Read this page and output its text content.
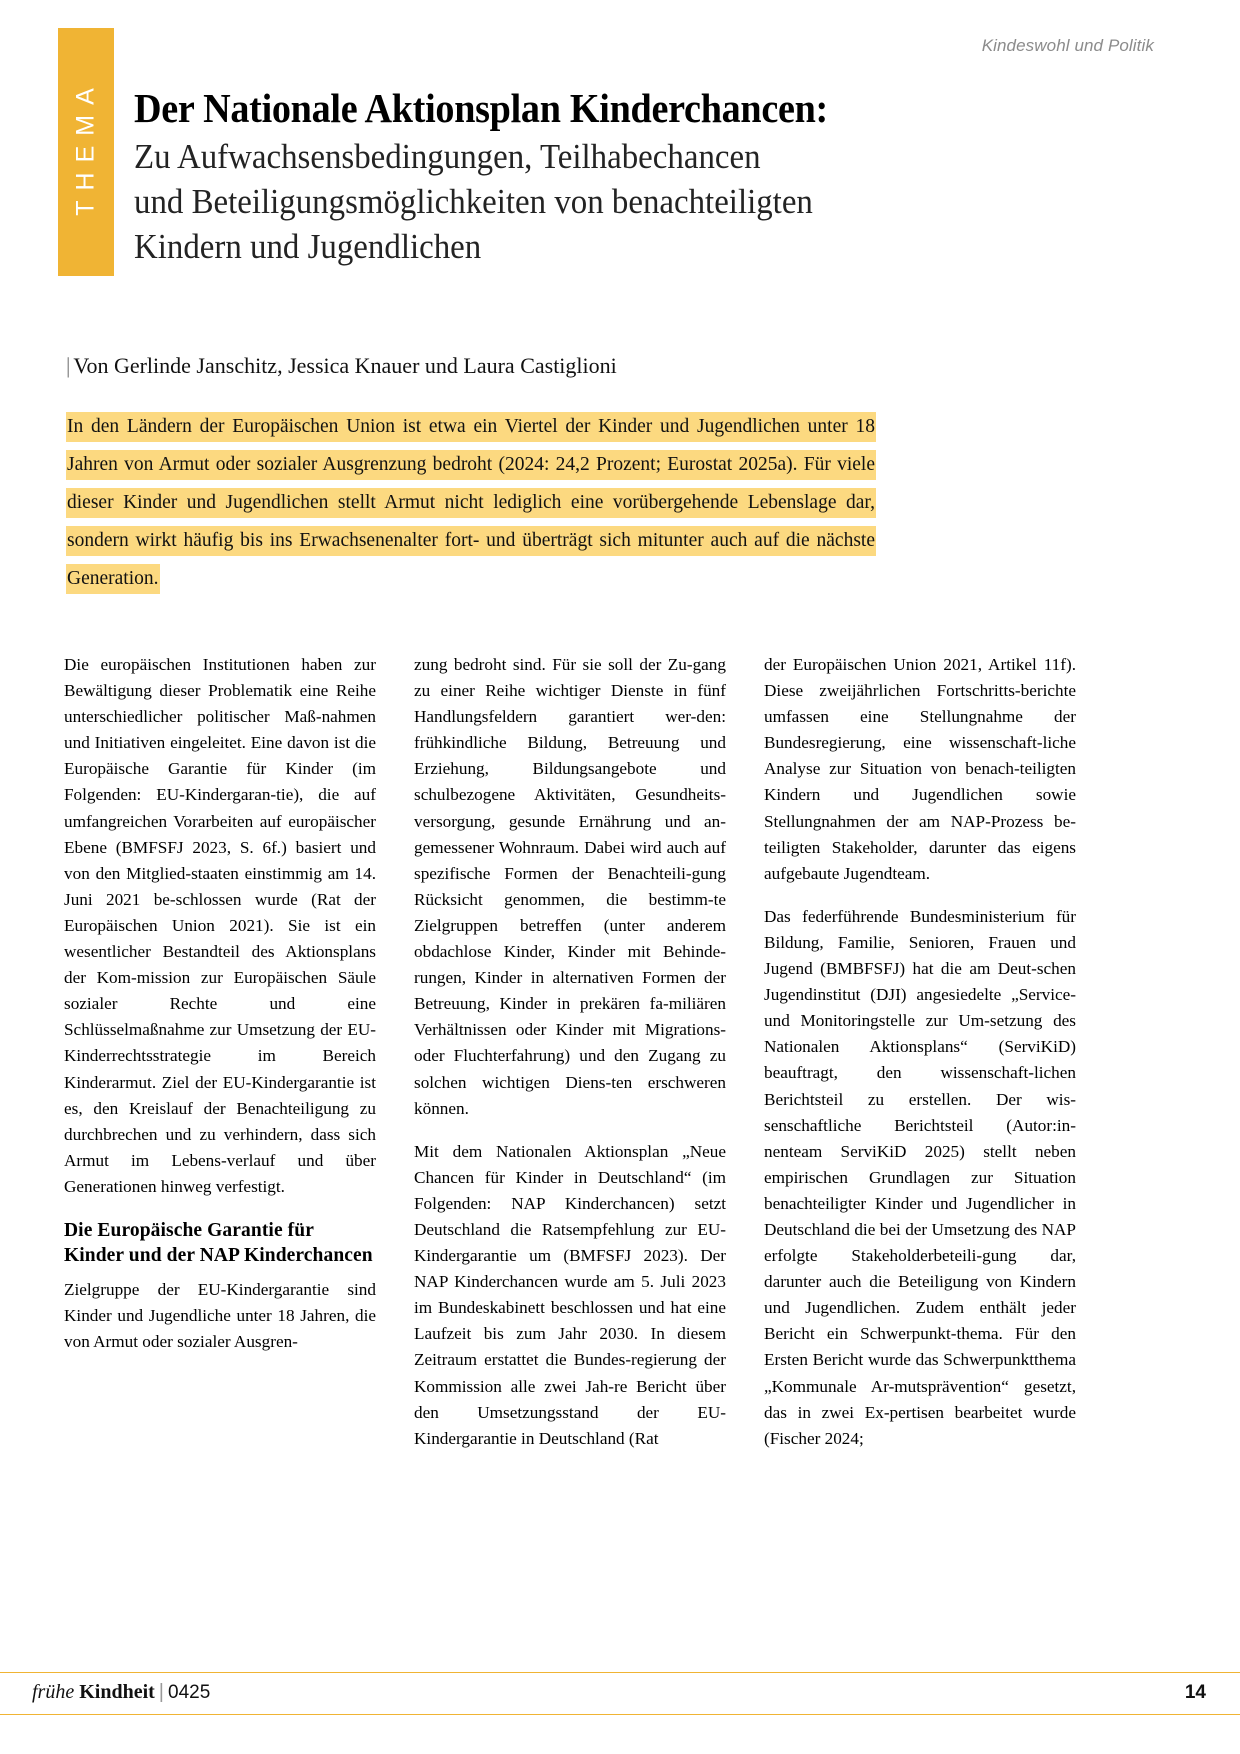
Kindeswohl und Politik
THEMA Der Nationale Aktionsplan Kinderchancen:
Zu Aufwachsensbedingungen, Teilhabechancen
und Beteiligungsmöglichkeiten von benachteiligten
Kindern und Jugendlichen
| Von Gerlinde Janschitz, Jessica Knauer und Laura Castiglioni
In den Ländern der Europäischen Union ist etwa ein Viertel der Kinder und Jugendlichen unter 18 Jahren von Armut oder sozialer Ausgrenzung bedroht (2024: 24,2 Prozent; Eurostat 2025a). Für viele dieser Kinder und Jugendlichen stellt Armut nicht lediglich eine vorübergehende Lebenslage dar, sondern wirkt häufig bis ins Erwachsenenalter fort- und überträgt sich mitunter auch auf die nächste Generation.

Die europäischen Institutionen haben zur Bewältigung dieser Problematik eine Reihe unterschiedlicher politischer Maß-nahmen und Initiativen eingeleitet. Eine davon ist die Europäische Garantie für Kinder (im Folgenden: EU-Kindergaran-tie), die auf umfangreichen Vorarbeiten auf europäischer Ebene (BMFSFJ 2023, S. 6f.) basiert und von den Mitglied-staaten einstimmig am 14. Juni 2021 be-schlossen wurde (Rat der Europäischen Union 2021). Sie ist ein wesentlicher Bestandteil des Aktionsplans der Kom-mission zur Europäischen Säule sozialer Rechte und eine Schlüsselmaßnahme zur Umsetzung der EU-Kinderrechtsstrategie im Bereich Kinderarmut. Ziel der EU-Kindergarantie ist es, den Kreislauf der Benachteiligung zu durchbrechen und zu verhindern, dass sich Armut im Lebens-verlauf und über Generationen hinweg verfestigt.

Die Europäische Garantie für Kinder und der NAP Kinderchancen

Zielgruppe der EU-Kindergarantie sind Kinder und Jugendliche unter 18 Jahren, die von Armut oder sozialer Ausgren-

zung bedroht sind. Für sie soll der Zu-gang zu einer Reihe wichtiger Dienste in fünf Handlungsfeldern garantiert wer-den: frühkindliche Bildung, Betreuung und Erziehung, Bildungsangebote und schulbezogene Aktivitäten, Gesundheits-versorgung, gesunde Ernährung und an-gemessener Wohnraum. Dabei wird auch auf spezifische Formen der Benachteili-gung Rücksicht genommen, die bestimm-te Zielgruppen betreffen (unter anderem obdachlose Kinder, Kinder mit Behinde-rungen, Kinder in alternativen Formen der Betreuung, Kinder in prekären fa-miliären Verhältnissen oder Kinder mit Migrations- oder Fluchterfahrung) und den Zugang zu solchen wichtigen Diens-ten erschweren können.

Mit dem Nationalen Aktionsplan „Neue Chancen für Kinder in Deutschland“ (im Folgenden: NAP Kinderchancen) setzt Deutschland die Ratsempfehlung zur EU-Kindergarantie um (BMFSFJ 2023). Der NAP Kinderchancen wurde am 5. Juli 2023 im Bundeskabinett beschlossen und hat eine Laufzeit bis zum Jahr 2030. In diesem Zeitraum erstattet die Bundes-regierung der Kommission alle zwei Jah-re Bericht über den Umsetzungsstand der EU-Kindergarantie in Deutschland (Rat

der Europäischen Union 2021, Artikel 11f). Diese zweijährlichen Fortschritts-berichte umfassen eine Stellungnahme der Bundesregierung, eine wissenschaft-liche Analyse zur Situation von benach-teiligten Kindern und Jugendlichen sowie Stellungnahmen der am NAP-Prozess be-teiligten Stakeholder, darunter das eigens aufgebaute Jugendteam.

Das federführende Bundesministerium für Bildung, Familie, Senioren, Frauen und Jugend (BMBFSFJ) hat die am Deut-schen Jugendinstitut (DJI) angesiedelte „Service- und Monitoringstelle zur Um-setzung des Nationalen Aktionsplans“ (ServiKiD) beauftragt, den wissenschaft-lichen Berichtsteil zu erstellen. Der wis-senschaftliche Berichtsteil (Autor:in-nenteam ServiKiD 2025) stellt neben empirischen Grundlagen zur Situation benachteiligter Kinder und Jugendlicher in Deutschland die bei der Umsetzung des NAP erfolgte Stakeholderbeteili-gung dar, darunter auch die Beteiligung von Kindern und Jugendlichen. Zudem enthält jeder Bericht ein Schwerpunkt-thema. Für den Ersten Bericht wurde das Schwerpunktthema „Kommunale Ar-mutsprävention“ gesetzt, das in zwei Ex-pertisen bearbeitet wurde (Fischer 2024;

frühe Kindheit | 0425	14
